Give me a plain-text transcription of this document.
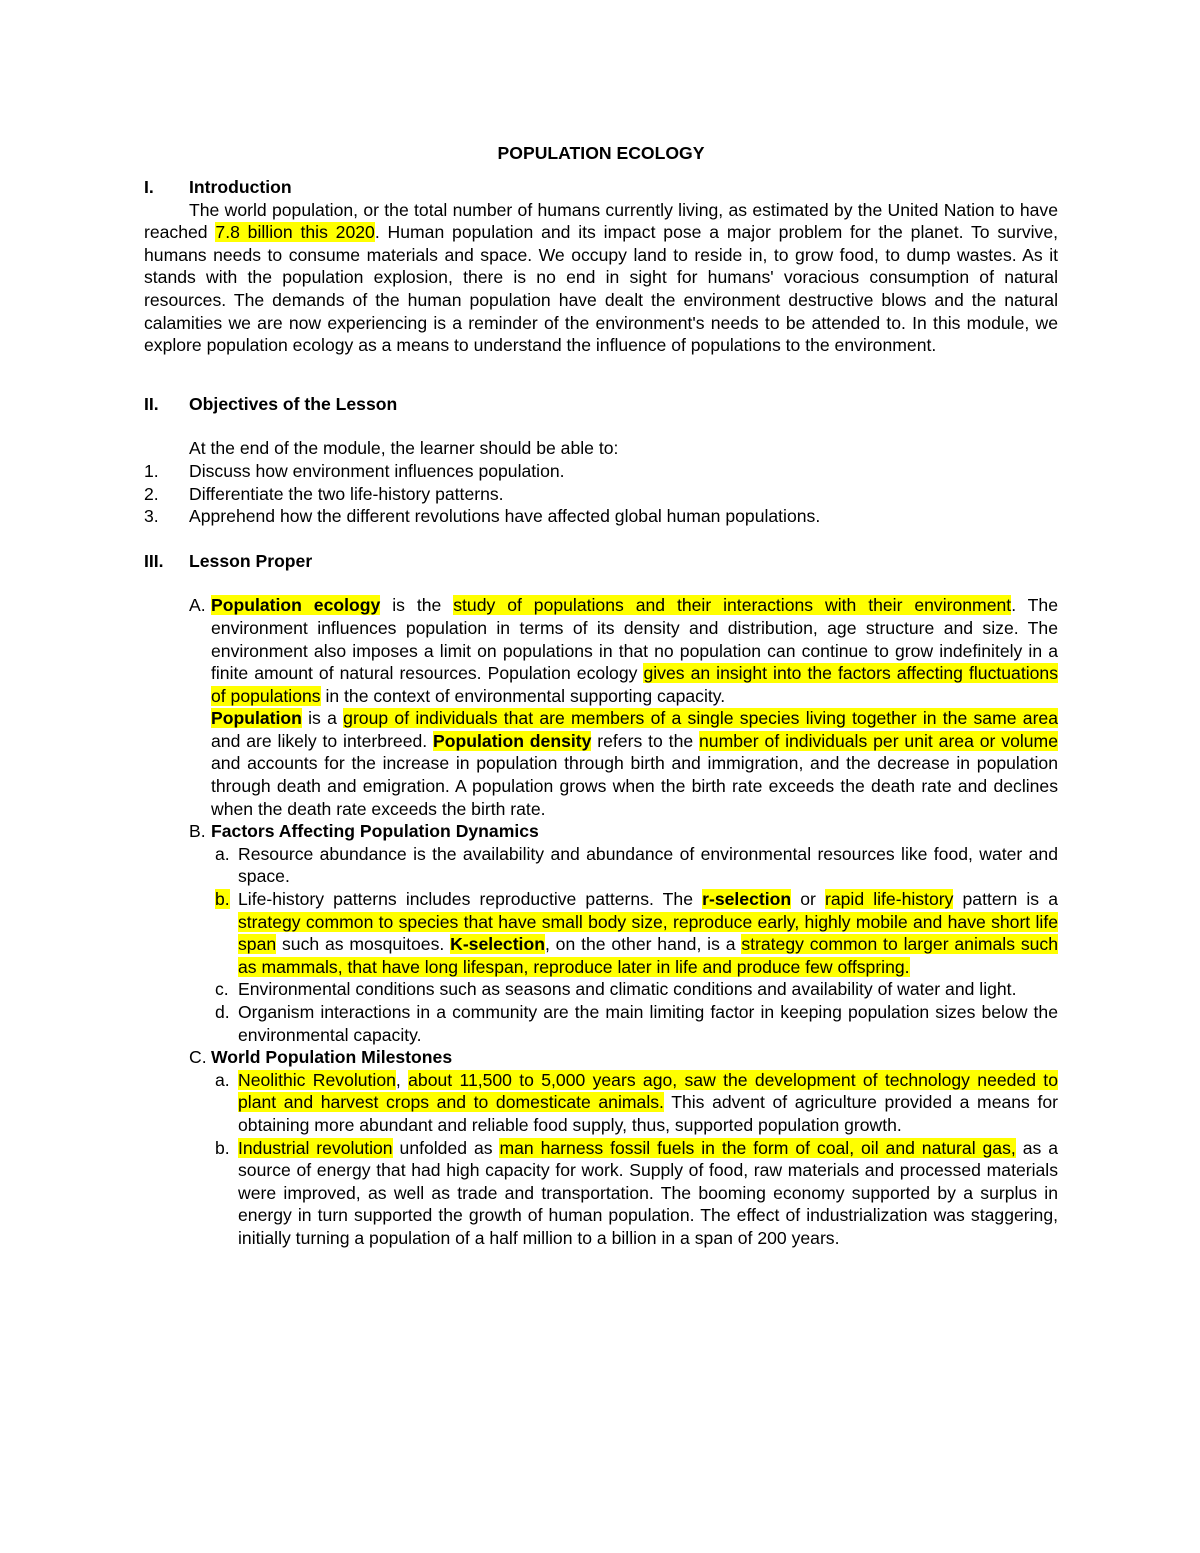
POPULATION ECOLOGY
I.	Introduction

The world population, or the total number of humans currently living, as estimated by the United Nation to have reached 7.8 billion this 2020. Human population and its impact pose a major problem for the planet. To survive, humans needs to consume materials and space. We occupy land to reside in, to grow food, to dump wastes. As it stands with the population explosion, there is no end in sight for humans' voracious consumption of natural resources. The demands of the human population have dealt the environment destructive blows and the natural calamities we are now experiencing is a reminder of the environment's needs to be attended to. In this module, we explore population ecology as a means to understand the influence of populations to the environment.

II.	Objectives of the Lesson
At the end of the module, the learner should be able to:
1.	Discuss how environment influences population.
2.	Differentiate the two life-history patterns.
3.	Apprehend how the different revolutions have affected global human populations.
III.	Lesson Proper
A. Population ecology is the study of populations and their interactions with their environment. The environment influences population in terms of its density and distribution, age structure and size. The environment also imposes a limit on populations in that no population can continue to grow indefinitely in a finite amount of natural resources. Population ecology gives an insight into the factors affecting fluctuations of populations in the context of environmental supporting capacity.
Population is a group of individuals that are members of a single species living together in the same area and are likely to interbreed. Population density refers to the number of individuals per unit area or volume and accounts for the increase in population through birth and immigration, and the decrease in population through death and emigration. A population grows when the birth rate exceeds the death rate and declines when the death rate exceeds the birth rate.
B. Factors Affecting Population Dynamics
a. Resource abundance is the availability and abundance of environmental resources like food, water and space.
b. Life-history patterns includes reproductive patterns. The r-selection or rapid life-history pattern is a strategy common to species that have small body size, reproduce early, highly mobile and have short life span such as mosquitoes. K-selection, on the other hand, is a strategy common to larger animals such as mammals, that have long lifespan, reproduce later in life and produce few offspring.
c. Environmental conditions such as seasons and climatic conditions and availability of water and light.
d. Organism interactions in a community are the main limiting factor in keeping population sizes below the environmental capacity.
C. World Population Milestones
a. Neolithic Revolution, about 11,500 to 5,000 years ago, saw the development of technology needed to plant and harvest crops and to domesticate animals. This advent of agriculture provided a means for obtaining more abundant and reliable food supply, thus, supported population growth.
b. Industrial revolution unfolded as man harness fossil fuels in the form of coal, oil and natural gas, as a source of energy that had high capacity for work. Supply of food, raw materials and processed materials were improved, as well as trade and transportation. The booming economy supported by a surplus in energy in turn supported the growth of human population. The effect of industrialization was staggering, initially turning a population of a half million to a billion in a span of 200 years.
